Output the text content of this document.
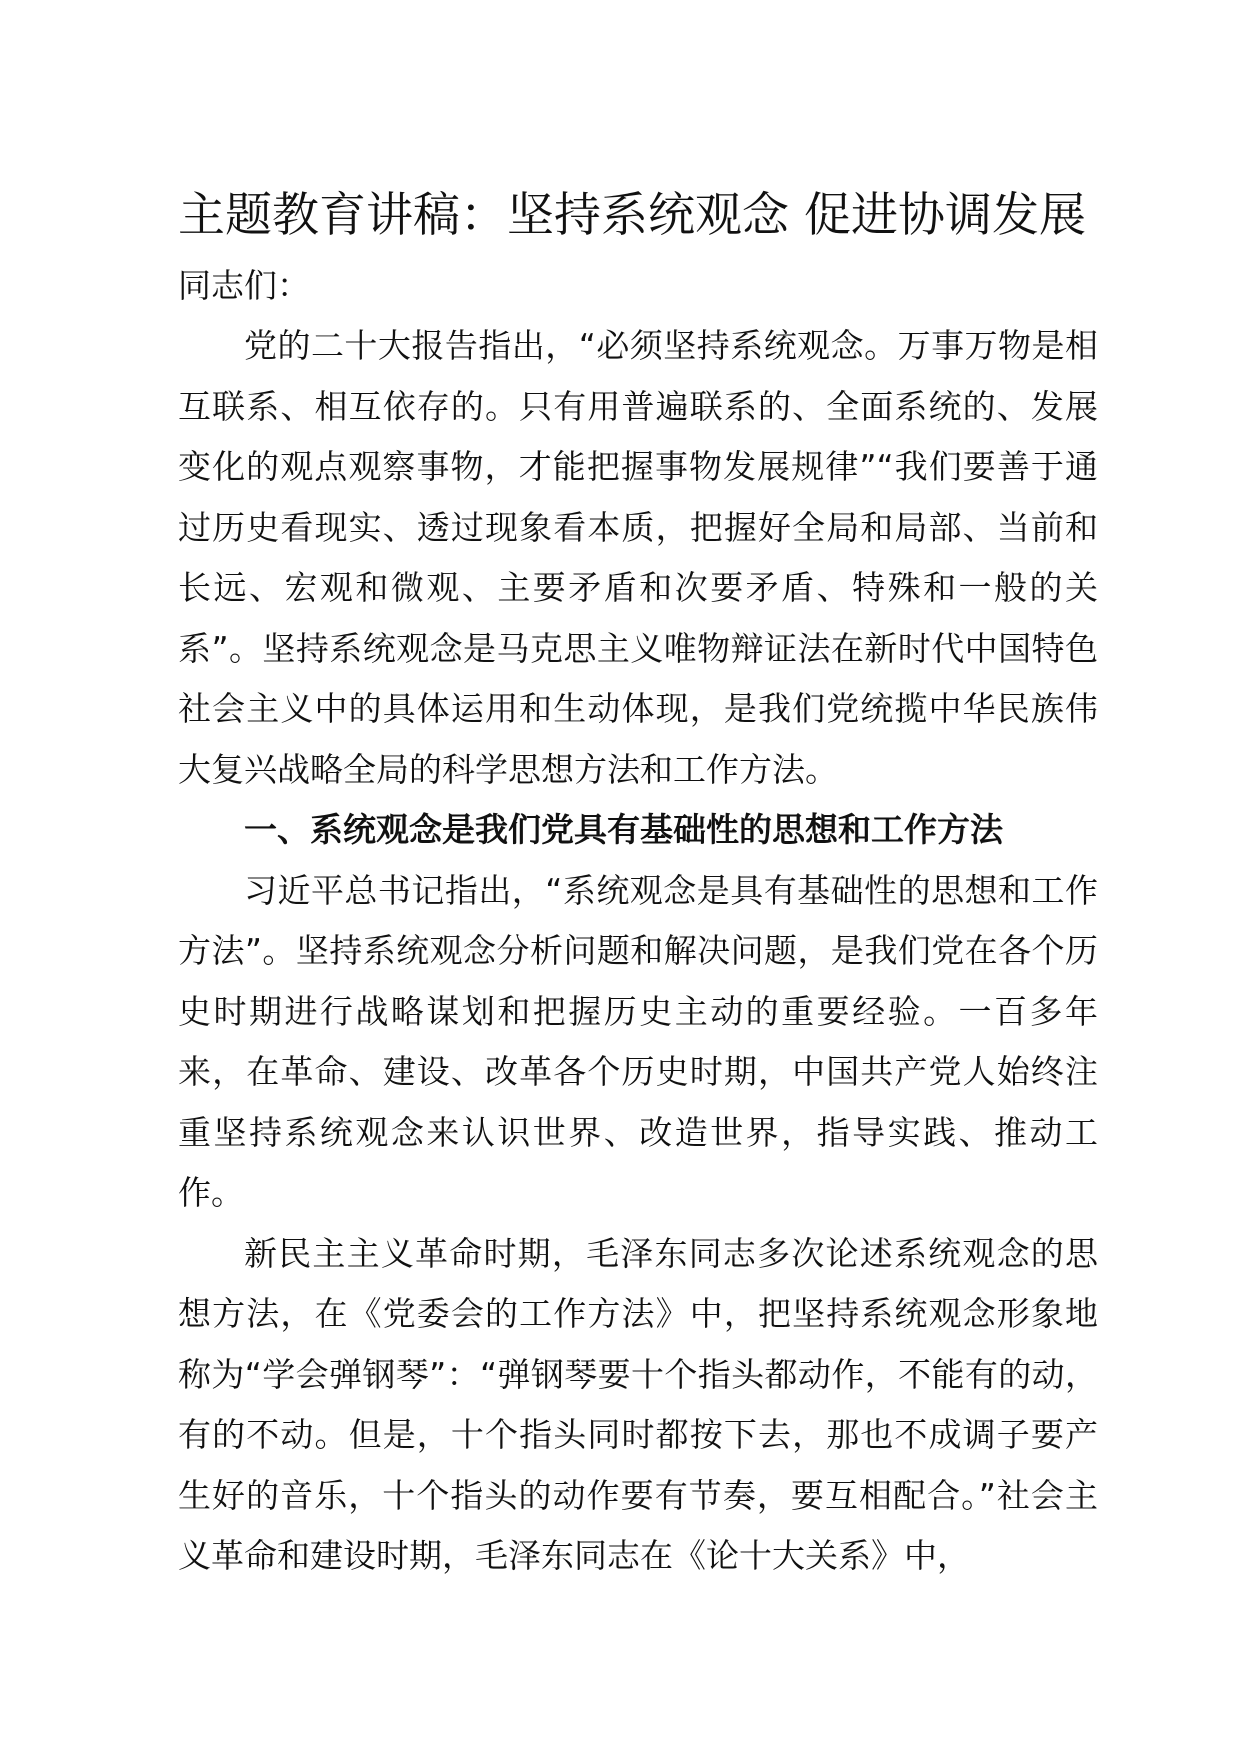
主题教育讲稿：坚持系统观念 促进协调发展

同志们：

党的二十大报告指出，“必须坚持系统观念。万事万物是相互联系、相互依存的。只有用普遍联系的、全面系统的、发展变化的观点观察事物，才能把握事物发展规律”“我们要善于通过历史看现实、透过现象看本质，把握好全局和局部、当前和长远、宏观和微观、主要矛盾和次要矛盾、特殊和一般的关系”。坚持系统观念是马克思主义唯物辩证法在新时代中国特色社会主义中的具体运用和生动体现，是我们党统揽中华民族伟大复兴战略全局的科学思想方法和工作方法。

一、系统观念是我们党具有基础性的思想和工作方法

习近平总书记指出，“系统观念是具有基础性的思想和工作方法”。坚持系统观念分析问题和解决问题，是我们党在各个历史时期进行战略谋划和把握历史主动的重要经验。一百多年来，在革命、建设、改革各个历史时期，中国共产党人始终注重坚持系统观念来认识世界、改造世界，指导实践、推动工作。

新民主主义革命时期，毛泽东同志多次论述系统观念的思想方法，在《党委会的工作方法》中，把坚持系统观念形象地称为“学会弹钢琴”：“弹钢琴要十个指头都动作，不能有的动，有的不动。但是，十个指头同时都按下去，那也不成调子要产生好的音乐，十个指头的动作要有节奏，要互相配合。”社会主义革命和建设时期，毛泽东同志在《论十大关系》中，
